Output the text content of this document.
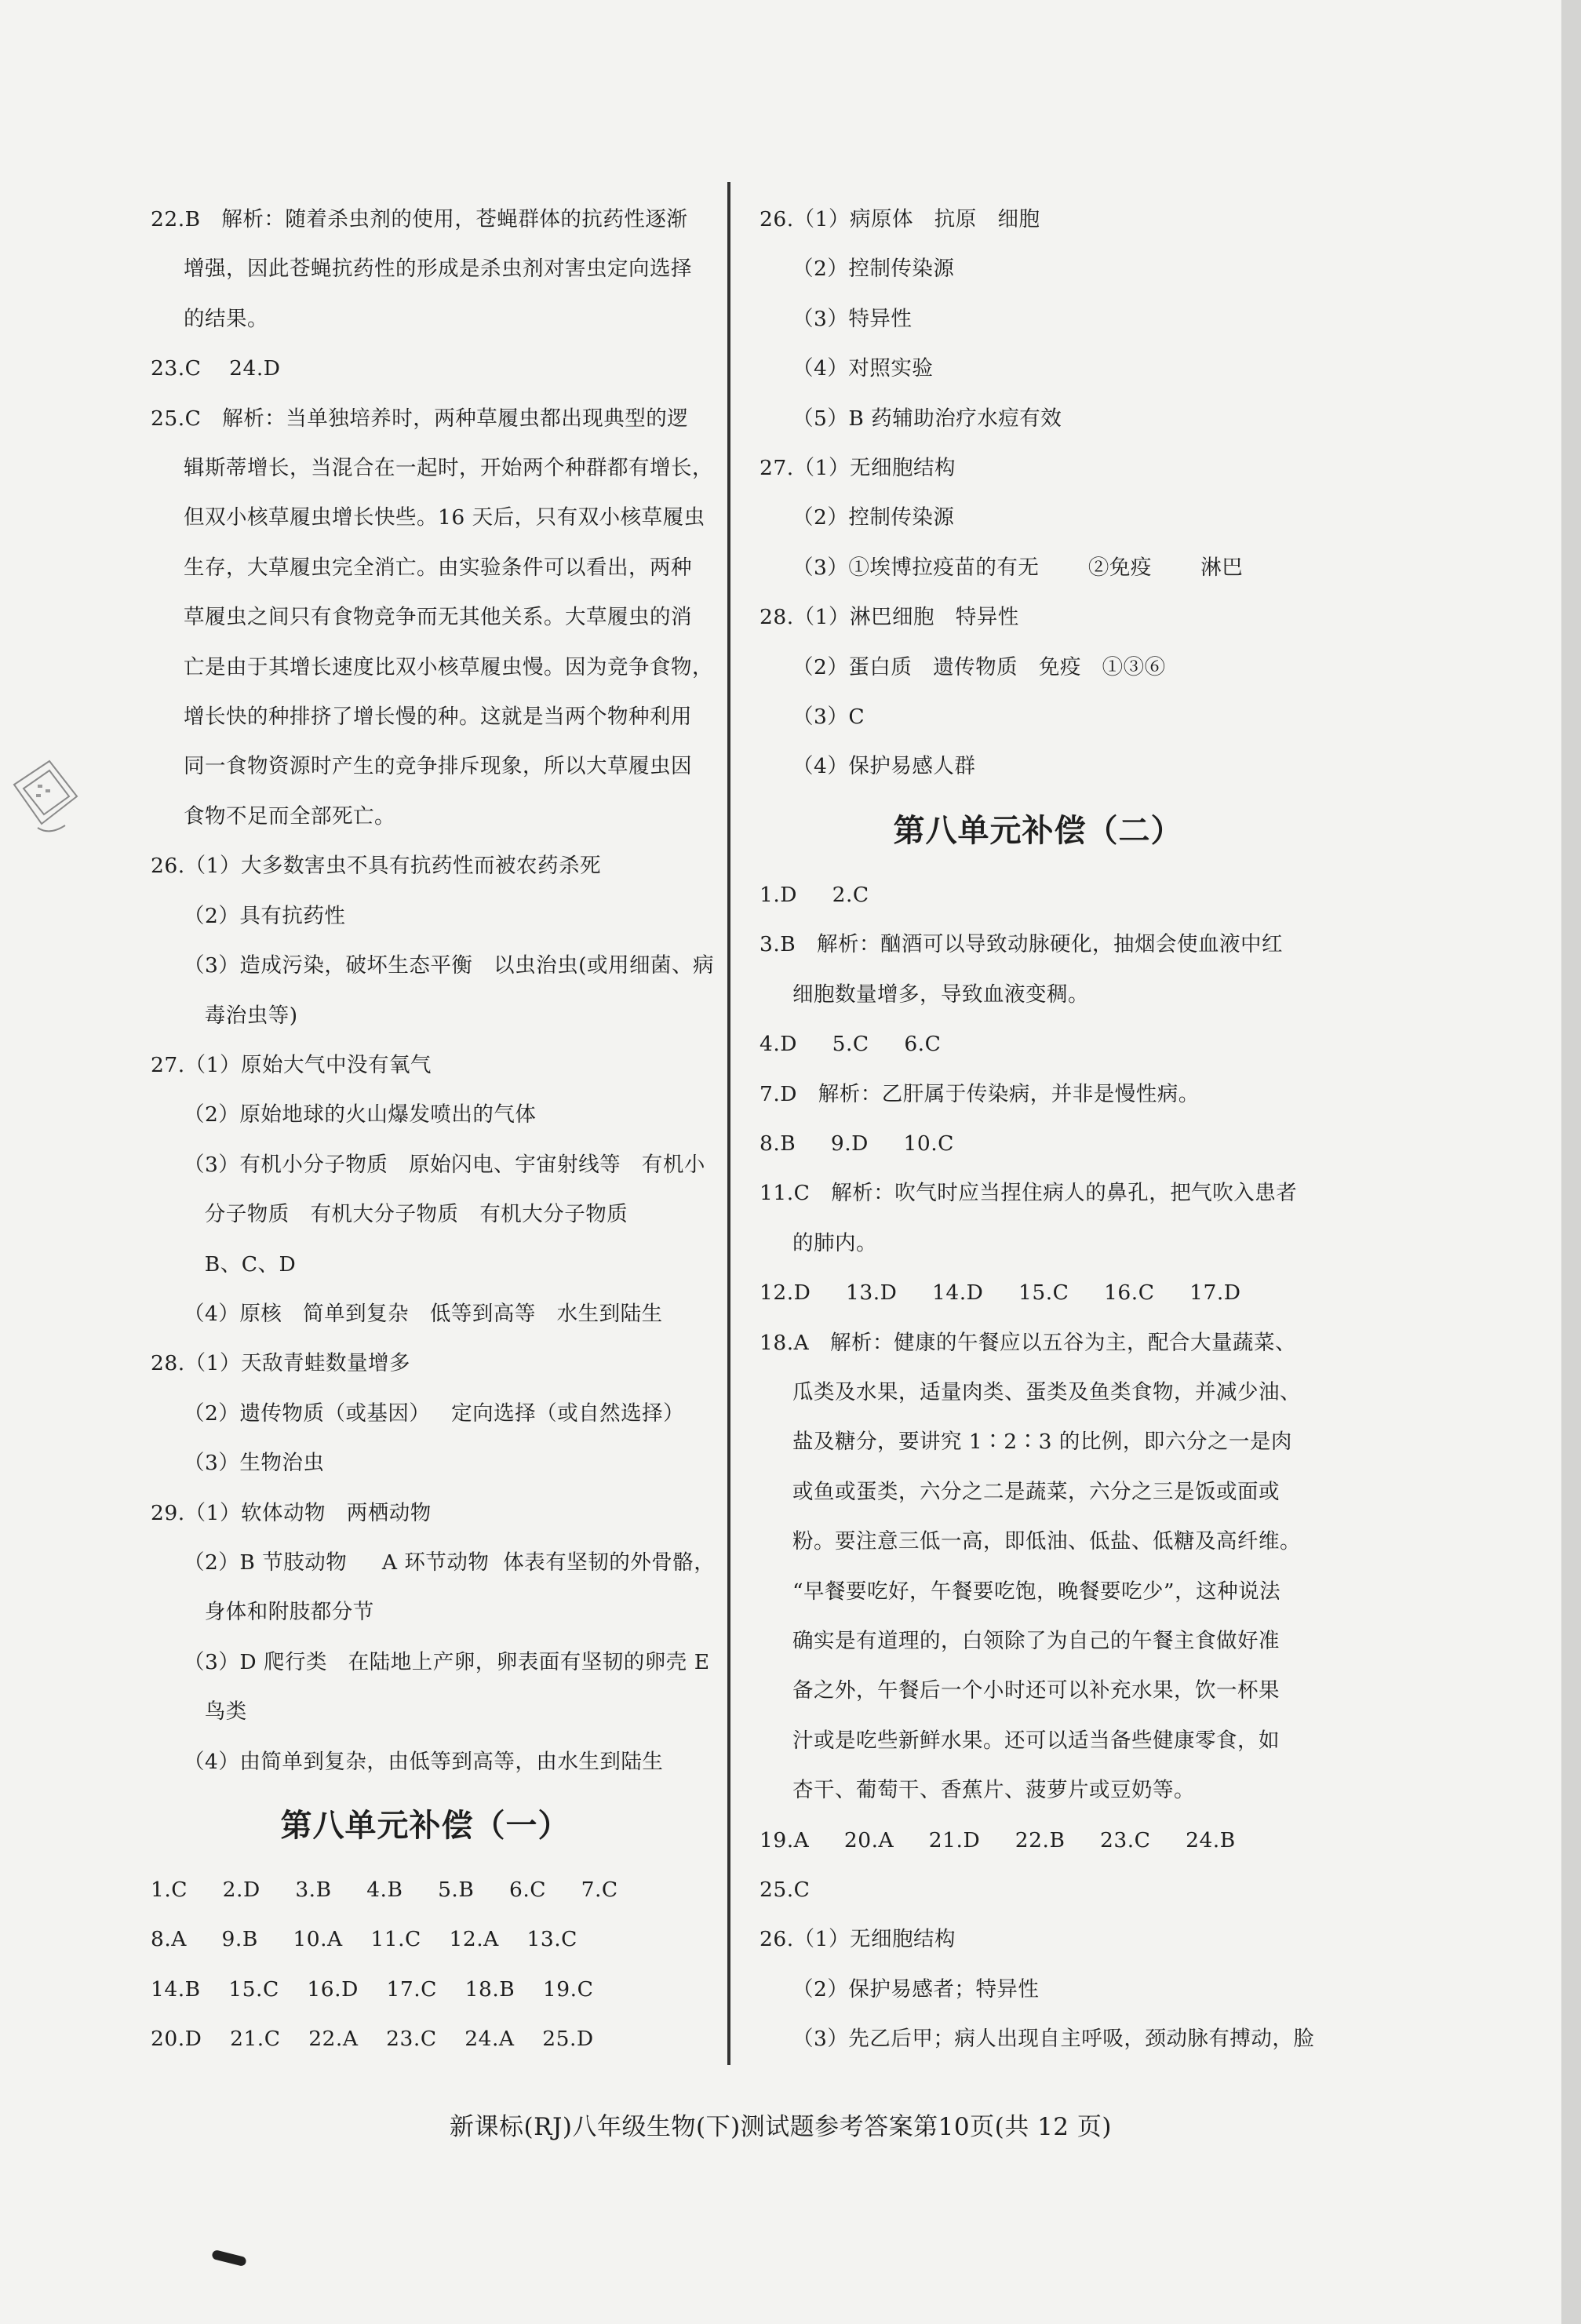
22.B   解析：随着杀虫剂的使用，苍蝇群体的抗药性逐渐
增强，因此苍蝇抗药性的形成是杀虫剂对害虫定向选择
的结果。
23.C    24.D
25.C   解析：当单独培养时，两种草履虫都出现典型的逻
辑斯蒂增长，当混合在一起时，开始两个种群都有增长，
但双小核草履虫增长快些。16 天后，只有双小核草履虫
生存，大草履虫完全消亡。由实验条件可以看出，两种
草履虫之间只有食物竞争而无其他关系。大草履虫的消
亡是由于其增长速度比双小核草履虫慢。因为竞争食物，
增长快的种排挤了增长慢的种。这就是当两个物种利用
同一食物资源时产生的竞争排斥现象，所以大草履虫因
食物不足而全部死亡。
26.（1）大多数害虫不具有抗药性而被农药杀死
（2）具有抗药性
（3）造成污染，破坏生态平衡   以虫治虫(或用细菌、病
毒治虫等)
27.（1）原始大气中没有氧气
（2）原始地球的火山爆发喷出的气体
（3）有机小分子物质   原始闪电、宇宙射线等   有机小
分子物质   有机大分子物质   有机大分子物质
B、C、D
（4）原核   简单到复杂   低等到高等   水生到陆生
28.（1）天敌青蛙数量增多
（2）遗传物质（或基因）   定向选择（或自然选择）
（3）生物治虫
29.（1）软体动物   两栖动物
（2）B 节肢动物     A 环节动物  体表有坚韧的外骨骼，
身体和附肢都分节
（3）D 爬行类   在陆地上产卵，卵表面有坚韧的卵壳 E
鸟类
（4）由简单到复杂，由低等到高等，由水生到陆生
第八单元补偿（一）
1.C     2.D     3.B     4.B     5.B     6.C     7.C
8.A     9.B     10.A    11.C    12.A    13.C
14.B    15.C    16.D    17.C    18.B    19.C
20.D    21.C    22.A    23.C    24.A    25.D
26.（1）病原体   抗原   细胞
（2）控制传染源
（3）特异性
（4）对照实验
（5）B 药辅助治疗水痘有效
27.（1）无细胞结构
（2）控制传染源
（3）①埃博拉疫苗的有无       ②免疫       淋巴
28.（1）淋巴细胞   特异性
（2）蛋白质   遗传物质   免疫   ①③⑥
（3）C
（4）保护易感人群
第八单元补偿（二）
1.D     2.C
3.B   解析：酗酒可以导致动脉硬化，抽烟会使血液中红
细胞数量增多，导致血液变稠。
4.D     5.C     6.C
7.D   解析：乙肝属于传染病，并非是慢性病。
8.B     9.D     10.C
11.C   解析：吹气时应当捏住病人的鼻孔，把气吹入患者
的肺内。
12.D     13.D     14.D     15.C     16.C     17.D
18.A   解析：健康的午餐应以五谷为主，配合大量蔬菜、
瓜类及水果，适量肉类、蛋类及鱼类食物，并减少油、
盐及糖分，要讲究 1∶2∶3 的比例，即六分之一是肉
或鱼或蛋类，六分之二是蔬菜，六分之三是饭或面或
粉。要注意三低一高，即低油、低盐、低糖及高纤维。
“早餐要吃好，午餐要吃饱，晚餐要吃少”，这种说法
确实是有道理的，白领除了为自己的午餐主食做好准
备之外，午餐后一个小时还可以补充水果，饮一杯果
汁或是吃些新鲜水果。还可以适当备些健康零食，如
杏干、葡萄干、香蕉片、菠萝片或豆奶等。
19.A     20.A     21.D     22.B     23.C     24.B
25.C
26.（1）无细胞结构
（2）保护易感者；特异性
（3）先乙后甲；病人出现自主呼吸，颈动脉有搏动，脸
新课标(RJ)八年级生物(下)测试题参考答案第10页(共 12 页)
